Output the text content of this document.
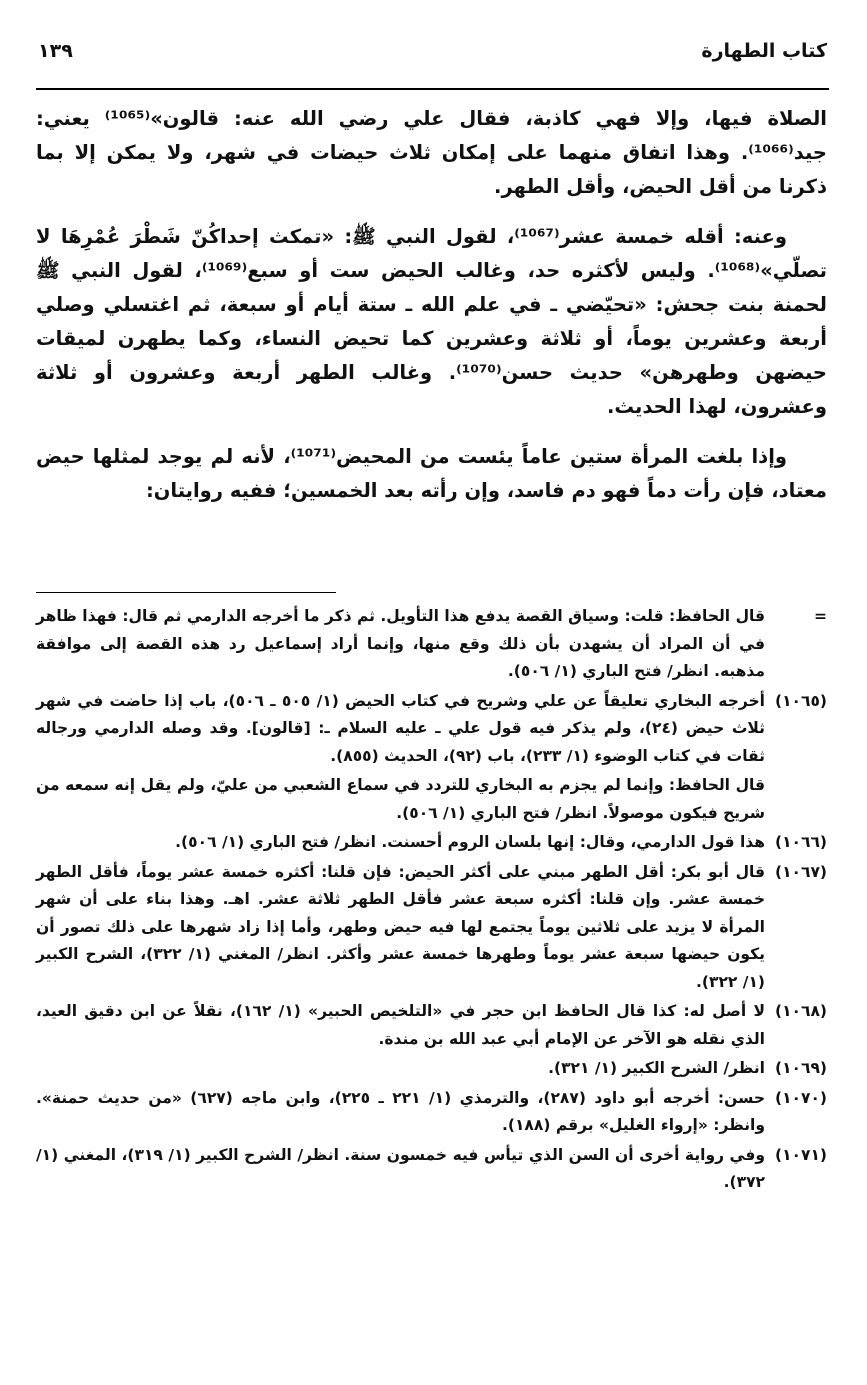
كتاب الطهارة
١٣٩

الصلاة فيها، وإلا فهي كاذبة، فقال علي رضي الله عنه: قالون»⁽¹⁰⁶⁵⁾ يعني: جيد⁽¹⁰⁶⁶⁾. وهذا اتفاق منهما على إمكان ثلاث حيضات في شهر، ولا يمكن إلا بما ذكرنا من أقل الحيض، وأقل الطهر.

وعنه: أقله خمسة عشر⁽¹⁰⁶⁷⁾، لقول النبي ﷺ: «تمكث إحداكُنّ شَطْرَ عُمْرِهَا لا تصلّي»⁽¹⁰⁶⁸⁾. وليس لأكثره حد، وغالب الحيض ست أو سبع⁽¹⁰⁶⁹⁾، لقول النبي ﷺ لحمنة بنت جحش: «تحيّضي ـ في علم الله ـ ستة أيام أو سبعة، ثم اغتسلي وصلي أربعة وعشرين يوماً، أو ثلاثة وعشرين كما تحيض النساء، وكما يطهرن لميقات حيضهن وطهرهن» حديث حسن⁽¹⁰⁷⁰⁾. وغالب الطهر أربعة وعشرون أو ثلاثة وعشرون، لهذا الحديث.

وإذا بلغت المرأة ستين عاماً يئست من المحيض⁽¹⁰⁷¹⁾، لأنه لم يوجد لمثلها حيض معتاد، فإن رأت دماً فهو دم فاسد، وإن رأته بعد الخمسين؛ ففيه روايتان:

=
قال الحافظ: قلت: وسياق القصة يدفع هذا التأويل. ثم ذكر ما أخرجه الدارمي ثم قال: فهذا ظاهر في أن المراد أن يشهدن بأن ذلك وقع منها، وإنما أراد إسماعيل رد هذه القصة إلى موافقة مذهبه. انظر/ فتح الباري (١/ ٥٠٦).
(١٠٦٥)
أخرجه البخاري تعليقاً عن علي وشريح في كتاب الحيض (١/ ٥٠٥ ـ ٥٠٦)، باب إذا حاضت في شهر ثلاث حيض (٢٤)، ولم يذكر فيه قول علي ـ عليه السلام ـ: [قالون]. وقد وصله الدارمي ورجاله ثقات في كتاب الوضوء (١/ ٢٣٣)، باب (٩٢)، الحديث (٨٥٥).
قال الحافظ: وإنما لم يجزم به البخاري للتردد في سماع الشعبي من عليّ، ولم يقل إنه سمعه من شريح فيكون موصولاً. انظر/ فتح الباري (١/ ٥٠٦).
(١٠٦٦)
هذا قول الدارمي، وقال: إنها بلسان الروم أحسنت. انظر/ فتح الباري (١/ ٥٠٦).
(١٠٦٧)
قال أبو بكر: أقل الطهر مبني على أكثر الحيض: فإن قلنا: أكثره خمسة عشر يوماً، فأقل الطهر خمسة عشر. وإن قلنا: أكثره سبعة عشر فأقل الطهر ثلاثة عشر. اهـ. وهذا بناء على أن شهر المرأة لا يزيد على ثلاثين يوماً يجتمع لها فيه حيض وطهر، وأما إذا زاد شهرها على ذلك تصور أن يكون حيضها سبعة عشر يوماً وطهرها خمسة عشر وأكثر. انظر/ المغني (١/ ٣٢٢)، الشرح الكبير (١/ ٣٢٢).
(١٠٦٨)
لا أصل له: كذا قال الحافظ ابن حجر في «التلخيص الحبير» (١/ ١٦٢)، نقلاً عن ابن دقيق العيد، الذي نقله هو الآخر عن الإمام أبي عبد الله بن مندة.
(١٠٦٩)
انظر/ الشرح الكبير (١/ ٣٢١).
(١٠٧٠)
حسن: أخرجه أبو داود (٢٨٧)، والترمذي (١/ ٢٢١ ـ ٢٢٥)، وابن ماجه (٦٢٧) «من حديث حمنة». وانظر: «إرواء الغليل» برقم (١٨٨).
(١٠٧١)
وفي رواية أخرى أن السن الذي تيأس فيه خمسون سنة. انظر/ الشرح الكبير (١/ ٣١٩)، المغني (١/ ٣٧٢).
